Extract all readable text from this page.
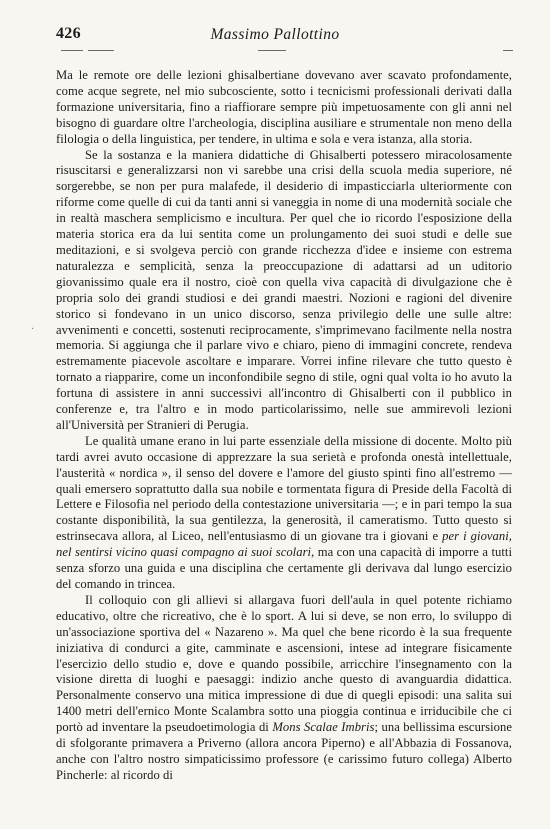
426	Massimo Pallottino
·

Ma le remote ore delle lezioni ghisalbertiane dovevano aver scavato profondamente, come acque segrete, nel mio subcosciente, sotto i tecnicismi professionali derivati dalla formazione universitaria, fino a riaffiorare sempre più impetuosamente con gli anni nel bisogno di guardare oltre l'archeologia, disciplina ausiliare e strumentale non meno della filologia o della linguistica, per tendere, in ultima e sola e vera istanza, alla storia.

Se la sostanza e la maniera didattiche di Ghisalberti potessero miracolosamente risuscitarsi e generalizzarsi non vi sarebbe una crisi della scuola media superiore, né sorgerebbe, se non per pura malafede, il desiderio di impasticciarla ulteriormente con riforme come quelle di cui da tanti anni si vaneggia in nome di una modernità sociale che in realtà maschera semplicismo e incultura. Per quel che io ricordo l'esposizione della materia storica era da lui sentita come un prolungamento dei suoi studi e delle sue meditazioni, e si svolgeva perciò con grande ricchezza d'idee e insieme con estrema naturalezza e semplicità, senza la preoccupazione di adattarsi ad un uditorio giovanissimo quale era il nostro, cioè con quella viva capacità di divulgazione che è propria solo dei grandi studiosi e dei grandi maestri. Nozioni e ragioni del divenire storico si fondevano in un unico discorso, senza privilegio delle une sulle altre: avvenimenti e concetti, sostenuti reciprocamente, s'imprimevano facilmente nella nostra memoria. Si aggiunga che il parlare vivo e chiaro, pieno di immagini concrete, rendeva estremamente piacevole ascoltare e imparare. Vorrei infine rilevare che tutto questo è tornato a riapparire, come un inconfondibile segno di stile, ogni qual volta io ho avuto la fortuna di assistere in anni successivi all'incontro di Ghisalberti con il pubblico in conferenze e, tra l'altro e in modo particolarissimo, nelle sue ammirevoli lezioni all'Università per Stranieri di Perugia.

Le qualità umane erano in lui parte essenziale della missione di docente. Molto più tardi avrei avuto occasione di apprezzare la sua serietà e profonda onestà intellettuale, l'austerità « nordica », il senso del dovere e l'amore del giusto spinti fino all'estremo — quali emersero soprattutto dalla sua nobile e tormentata figura di Preside della Facoltà di Lettere e Filosofia nel periodo della contestazione universitaria —; e in pari tempo la sua costante disponibilità, la sua gentilezza, la generosità, il cameratismo. Tutto questo si estrinsecava allora, al Liceo, nell'entusiasmo di un giovane tra i giovani e per i giovani, nel sentirsi vicino quasi compagno ai suoi scolari, ma con una capacità di imporre a tutti senza sforzo una guida e una disciplina che certamente gli derivava dal lungo esercizio del comando in trincea.

Il colloquio con gli allievi si allargava fuori dell'aula in quel potente richiamo educativo, oltre che ricreativo, che è lo sport. A lui si deve, se non erro, lo sviluppo di un'associazione sportiva del « Nazareno ». Ma quel che bene ricordo è la sua frequente iniziativa di condurci a gite, camminate e ascensioni, intese ad integrare fisicamente l'esercizio dello studio e, dove e quando possibile, arricchire l'insegnamento con la visione diretta di luoghi e paesaggi: indizio anche questo di avanguardia didattica. Personalmente conservo una mitica impressione di due di quegli episodi: una salita sui 1400 metri dell'ernico Monte Scalambra sotto una pioggia continua e irriducibile che ci portò ad inventare la pseudoetimologia di Mons Scalae Imbris; una bellissima escursione di sfolgorante primavera a Priverno (allora ancora Piperno) e all'Abbazia di Fossanova, anche con l'altro nostro simpaticissimo professore (e carissimo futuro collega) Alberto Pincherle: al ricordo di
